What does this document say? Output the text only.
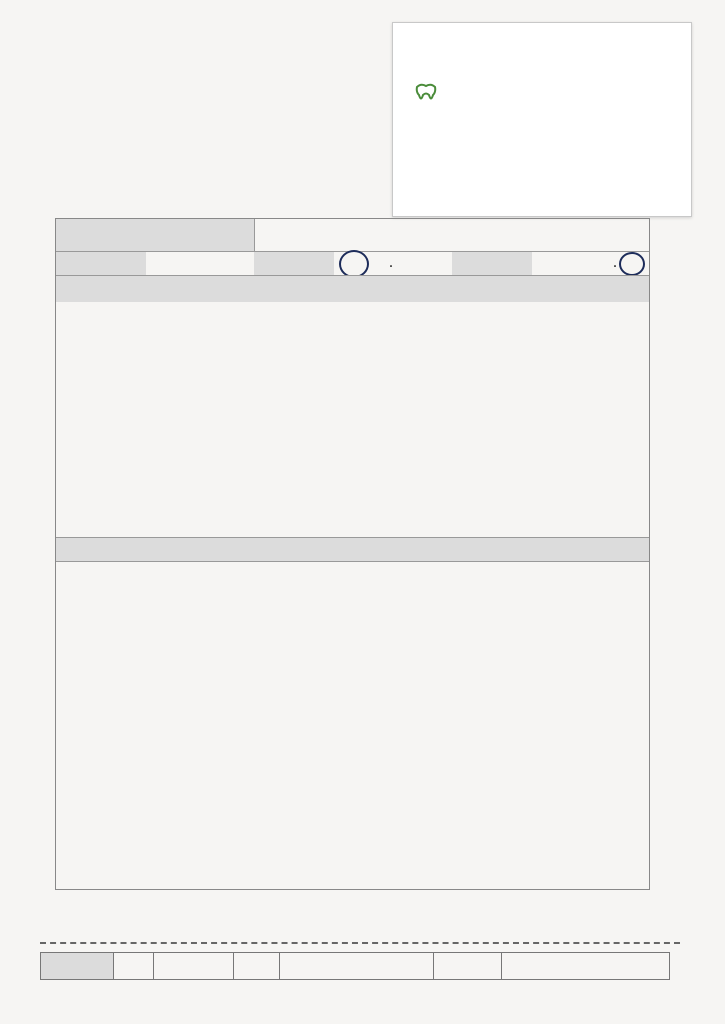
・	・
